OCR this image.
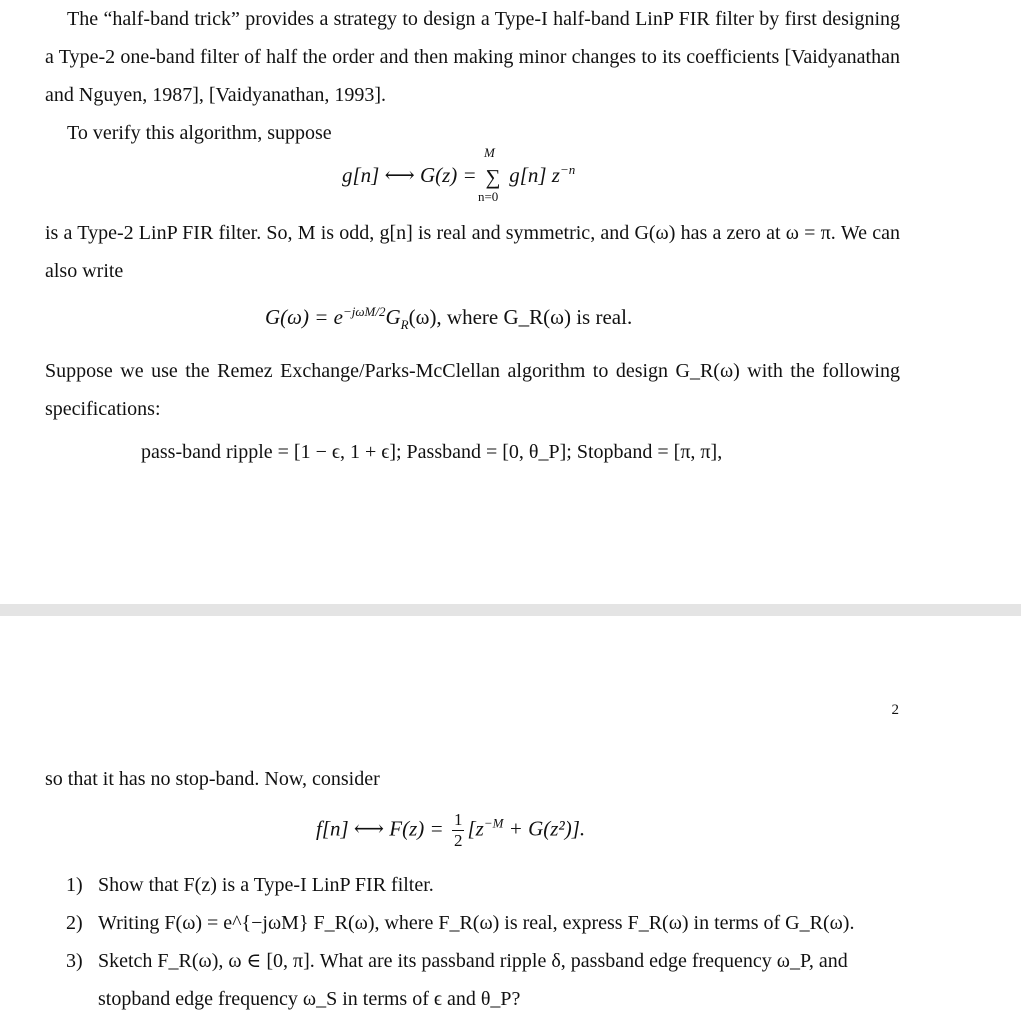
The “half-band trick” provides a strategy to design a Type-I half-band LinP FIR filter by first designing a Type-2 one-band filter of half the order and then making minor changes to its coefficients [Vaidyanathan and Nguyen, 1987], [Vaidyanathan, 1993].

To verify this algorithm, suppose

g[n] ⟷ G(z) =
M
∑
n=0
g[n] $z^{-n}$

is a Type-2 LinP FIR filter. So, M is odd, g[n] is real and symmetric, and G(ω) has a zero at ω = π. We can also write

$G(\omega) = e^{-j\omega M/2}G_R(\omega)$, where G_R(ω) is real.

Suppose we use the Remez Exchange/Parks-McClellan algorithm to design G_R(ω) with the following specifications:

pass-band ripple = [1 − ϵ, 1 + ϵ]; Passband = [0, θ_P]; Stopband = [π, π],
2

so that it has no stop-band. Now, consider

f[n] ⟷ $F(z) = \frac{1}{2} [z^{-M} + G(z^2)]$.
1) Show that F(z) is a Type-I LinP FIR filter.
2) Writing F(ω) = e^{−jωM} F_R(ω), where F_R(ω) is real, express F_R(ω) in terms of G_R(ω).
3) Sketch F_R(ω), ω ∈ [0, π]. What are its passband ripple δ, passband edge frequency ω_P, and stopband edge frequency ω_S in terms of ϵ and θ_P?
